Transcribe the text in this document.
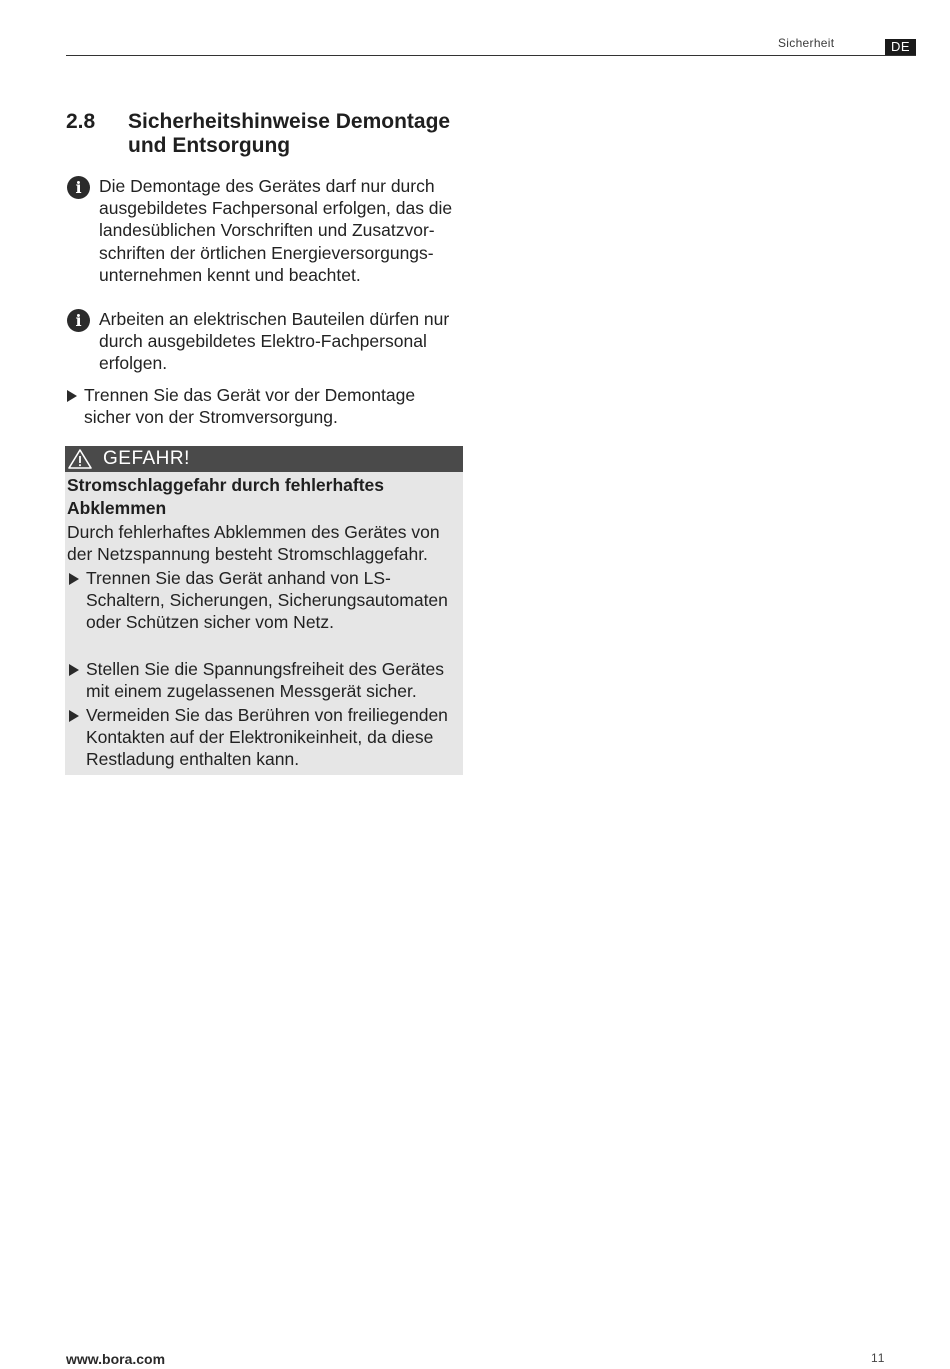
Sicherheit	DE
2.8 Sicherheitshinweise Demontage und Entsorgung
i Die Demontage des Gerätes darf nur durch ausgebildetes Fachpersonal erfolgen, das die landesüblichen Vorschriften und Zusatzvor-schriften der örtlichen Energieversorgungs-unternehmen kennt und beachtet.
i Arbeiten an elektrischen Bauteilen dürfen nur durch ausgebildetes Elektro-Fachpersonal erfolgen.
Trennen Sie das Gerät vor der Demontage sicher von der Stromversorgung.
GEFAHR!
Stromschlaggefahr durch fehlerhaftes Abklemmen
Durch fehlerhaftes Abklemmen des Gerätes von der Netzspannung besteht Stromschlaggefahr.
Trennen Sie das Gerät anhand von LS-Schaltern, Sicherungen, Sicherungsautomaten oder Schützen sicher vom Netz.
Stellen Sie die Spannungsfreiheit des Gerätes mit einem zugelassenen Messgerät sicher.
Vermeiden Sie das Berühren von freiliegenden Kontakten auf der Elektronikeinheit, da diese Restladung enthalten kann.
www.bora.com	11
